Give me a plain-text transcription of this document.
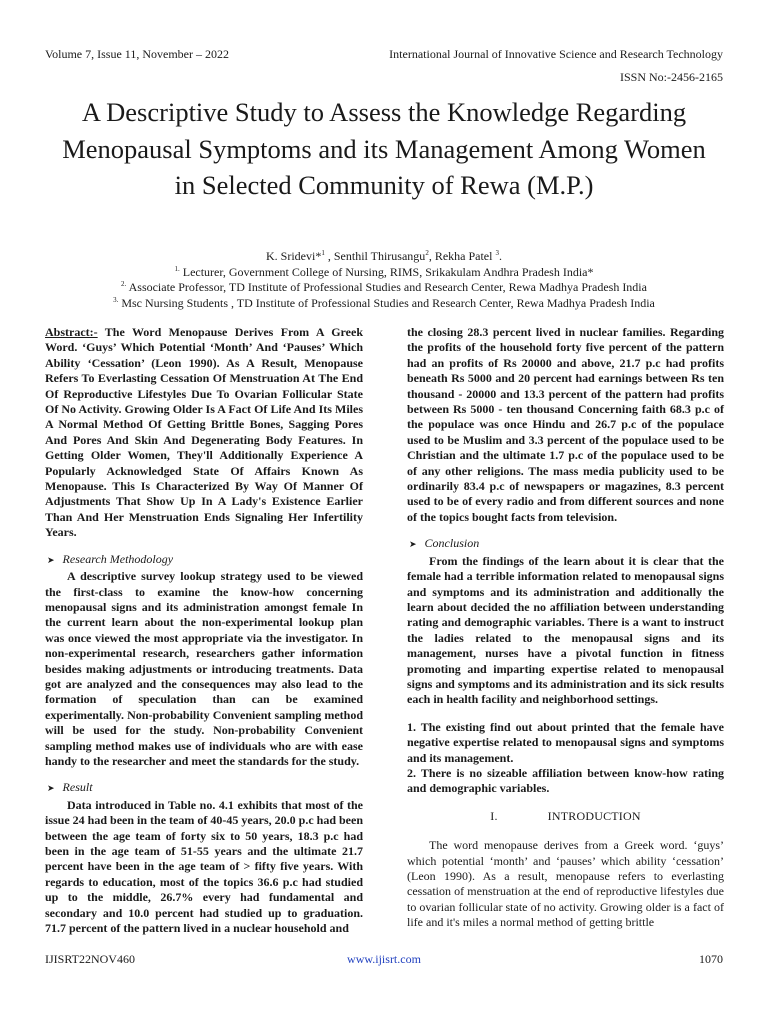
Volume 7, Issue 11, November – 2022	International Journal of Innovative Science and Research Technology
ISSN No:-2456-2165
A Descriptive Study to Assess the Knowledge Regarding Menopausal Symptoms and its Management Among Women in Selected Community of Rewa (M.P.)
K. Sridevi*$^1$ , Senthil Thirusangu$^2$, Rekha Patel $^3$.
$^{1.}$ Lecturer, Government College of Nursing, RIMS, Srikakulam Andhra Pradesh India*
$^{2.}$ Associate Professor, TD Institute of Professional Studies and Research Center, Rewa Madhya Pradesh India
$^{3.}$ Msc Nursing Students , TD Institute of Professional Studies and Research Center, Rewa Madhya Pradesh India

Abstract:- The Word Menopause Derives From A Greek Word. ‘Guys’ Which Potential ‘Month’ And ‘Pauses’ Which Ability ‘Cessation’ (Leon 1990). As A Result, Menopause Refers To Everlasting Cessation Of Menstruation At The End Of Reproductive Lifestyles Due To Ovarian Follicular State Of No Activity. Growing Older Is A Fact Of Life And Its Miles A Normal Method Of Getting Brittle Bones, Sagging Pores And Pores And Skin And Degenerating Body Features. In Getting Older Women, They'll Additionally Experience A Popularly Acknowledged State Of Affairs Known As Menopause. This Is Characterized By Way Of Manner Of Adjustments That Show Up In A Lady's Existence Earlier Than And Her Menstruation Ends Signaling Her Infertility Years.

➤ Research Methodology

A descriptive survey lookup strategy used to be viewed the first-class to examine the know-how concerning menopausal signs and its administration amongst female In the current learn about the non-experimental lookup plan was once viewed the most appropriate via the investigator. In non-experimental research, researchers gather information besides making adjustments or introducing treatments. Data got are analyzed and the consequences may also lead to the formation of speculation than can be examined experimentally. Non-probability Convenient sampling method will be used for the study. Non-probability Convenient sampling method makes use of individuals who are with ease handy to the researcher and meet the standards for the study.

➤ Result

Data introduced in Table no. 4.1 exhibits that most of the issue 24 had been in the team of 40-45 years, 20.0 p.c had been between the age team of forty six to 50 years, 18.3 p.c had been in the age team of 51-55 years and the ultimate 21.7 percent have been in the age team of > fifty five years. With regards to education, most of the topics 36.6 p.c had studied up to the middle, 26.7% every had fundamental and secondary and 10.0 percent had studied up to graduation. 71.7 percent of the pattern lived in a nuclear household and

the closing 28.3 percent lived in nuclear families. Regarding the profits of the household forty five percent of the pattern had an profits of Rs 20000 and above, 21.7 p.c had profits beneath Rs 5000 and 20 percent had earnings between Rs ten thousand - 20000 and 13.3 percent of the pattern had profits between Rs 5000 - ten thousand Concerning faith 68.3 p.c of the populace was once Hindu and 26.7 p.c of the populace used to be Muslim and 3.3 percent of the populace used to be Christian and the ultimate 1.7 p.c of the populace used to be of any other religions. The mass media publicity used to be ordinarily 83.4 p.c of newspapers or magazines, 8.3 percent used to be of every radio and from different sources and none of the topics bought facts from television.

➤ Conclusion

From the findings of the learn about it is clear that the female had a terrible information related to menopausal signs and symptoms and its administration and additionally the learn about decided the no affiliation between understanding rating and demographic variables. There is a want to instruct the ladies related to the menopausal signs and its management, nurses have a pivotal function in fitness promoting and imparting expertise related to menopausal signs and symptoms and its administration and its sick results each in health facility and neighborhood settings.

1. The existing find out about printed that the female have negative expertise related to menopausal signs and symptoms and its management.

2. There is no sizeable affiliation between know-how rating and demographic variables.

I.	INTRODUCTION

The word menopause derives from a Greek word. ‘guys’ which potential ‘month’ and ‘pauses’ which ability ‘cessation’ (Leon 1990). As a result, menopause refers to everlasting cessation of menstruation at the end of reproductive lifestyles due to ovarian follicular state of no activity. Growing older is a fact of life and it's miles a normal method of getting brittle

IJISRT22NOV460	www.ijisrt.com	1070
